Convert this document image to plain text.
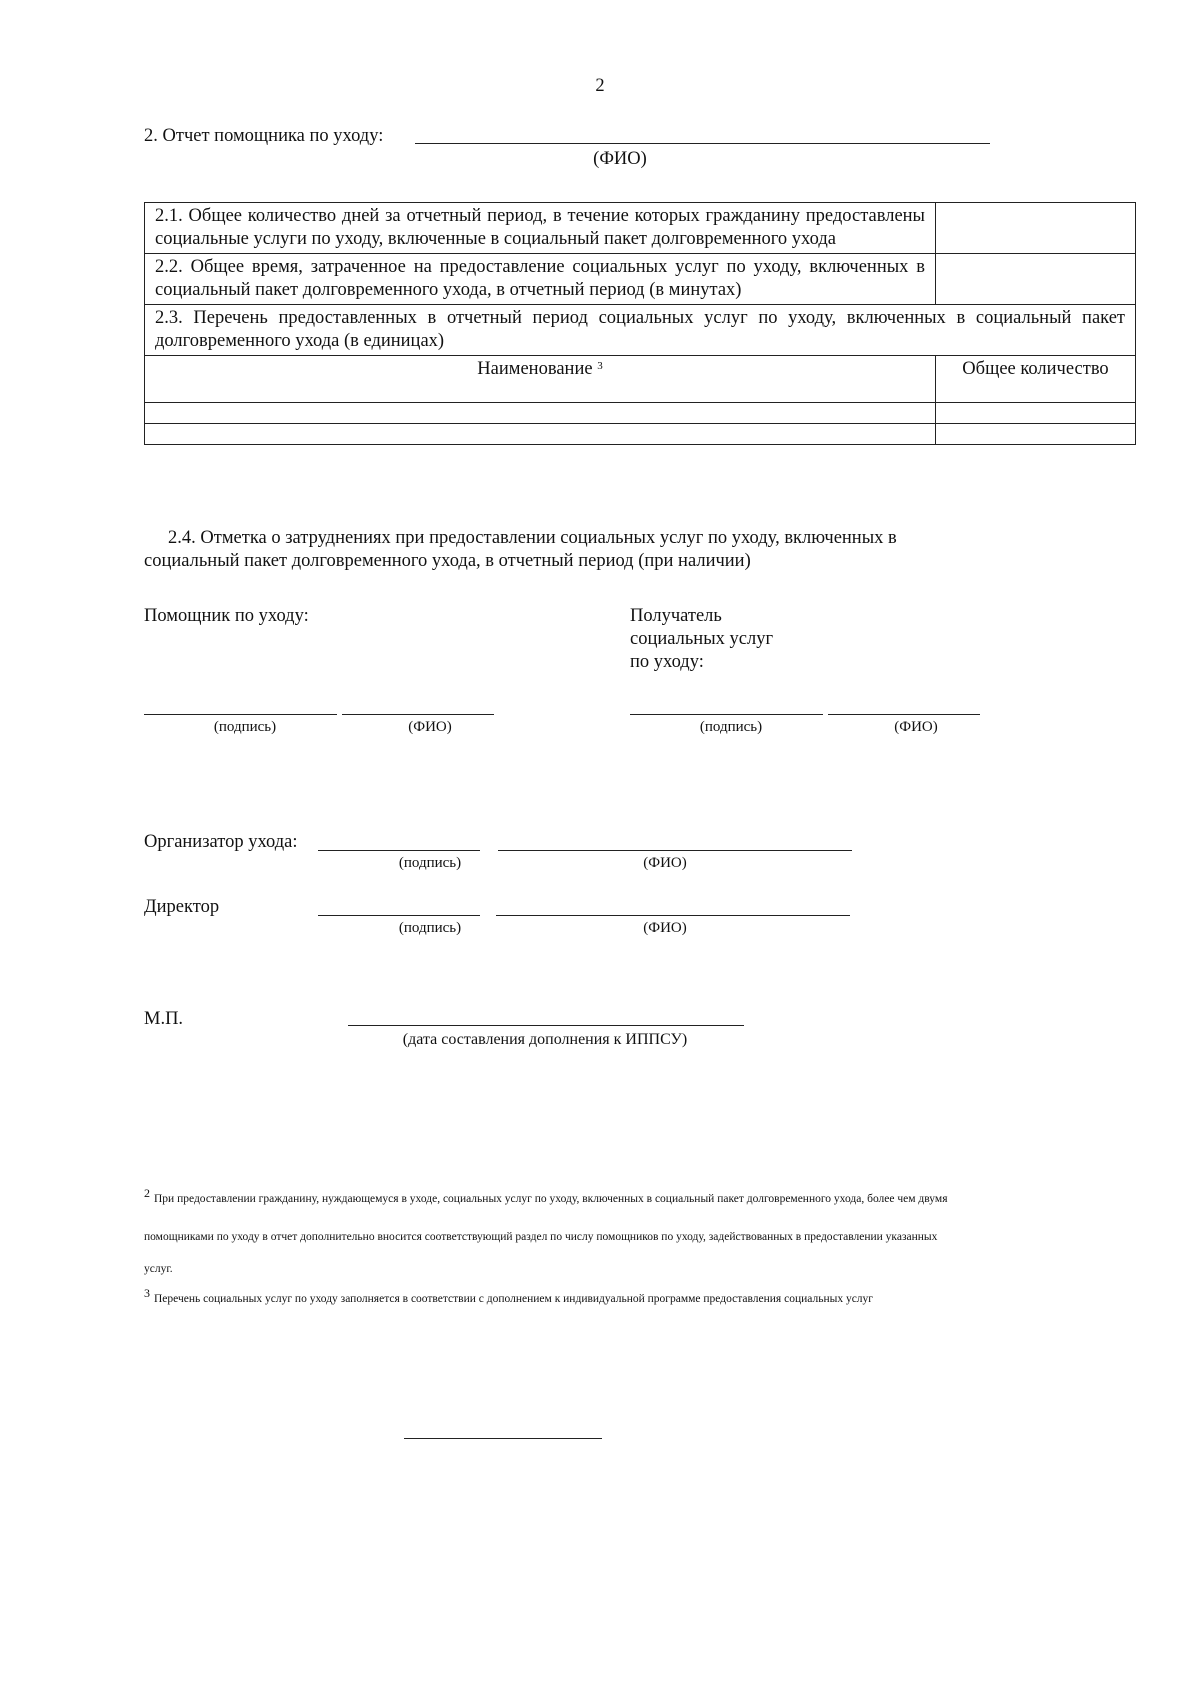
2
2. Отчет помощника по уходу:
(ФИО)
2.1. Общее количество дней за отчетный период, в течение которых гражданину предоставлены социальные услуги по уходу, включенные в социальный пакет долговременного ухода	
2.2. Общее время, затраченное на предоставление социальных услуг по уходу, включенных в социальный пакет долговременного ухода, в отчетный период (в минутах)	
2.3. Перечень предоставленных в отчетный период социальных услуг по уходу, включенных в социальный пакет долговременного ухода (в единицах)	
Наименование $^3$	Общее количество

2.4. Отметка о затруднениях при предоставлении социальных услуг по уходу, включенных в
социальный пакет долговременного ухода, в отчетный период (при наличии)
Помощник по уходу:	Получатель
социальных услуг
по уходу:
(подпись)	(ФИО)	(подпись)	(ФИО)
Организатор ухода:
(подпись)	(ФИО)
Директор
(подпись)	(ФИО)
М.П.
(дата составления дополнения к ИППСУ)
2 При предоставлении гражданину, нуждающемуся в уходе, социальных услуг по уходу, включенных в социальный пакет долговременного ухода, более чем двумя
помощниками по уходу в отчет дополнительно вносится соответствующий раздел по числу помощников по уходу, задействованных в предоставлении указанных
услуг.
3 Перечень социальных услуг по уходу заполняется в соответствии с дополнением к индивидуальной программе предоставления социальных услуг
